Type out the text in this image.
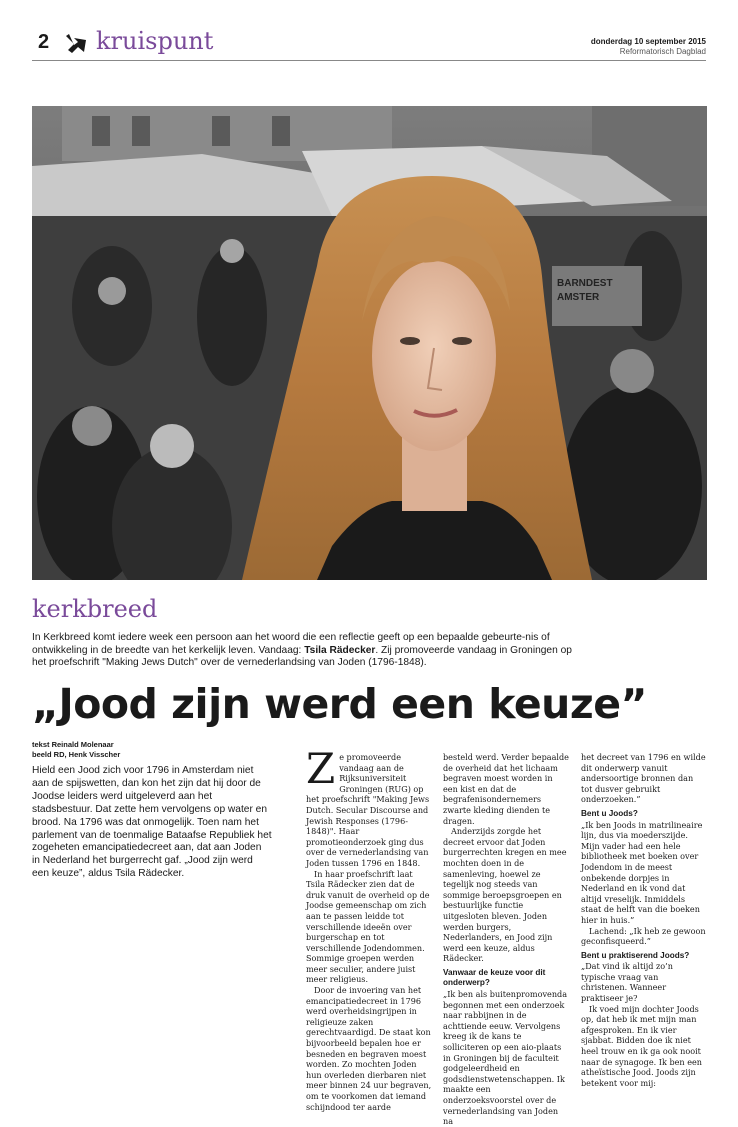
2 kruispunt	donderdag 10 september 2015
Reformatorisch Dagblad
BARNDEST
AMSTER
kerkbreed
In Kerkbreed komt iedere week een persoon aan het woord die een reflectie geeft op een bepaalde gebeurte-nis of ontwikkeling in de breedte van het kerkelijk leven. Vandaag: Tsila Rädecker. Zij promoveerde vandaag in Groningen op het proefschrift "Making Jews Dutch" over de vernederlandsing van Joden (1796-1848).
„Jood zijn werd een keuze”
tekst Reinald Molenaar
beeld RD, Henk Visscher
Hield een Jood zich voor 1796 in Amsterdam niet aan de spijswetten, dan kon het zijn dat hij door de Joodse leiders werd uitgeleverd aan het stadsbestuur. Dat zette hem vervolgens op water en brood. Na 1796 was dat onmogelijk. Toen nam het parlement van de toenmalige Bataafse Republiek het zogeheten emancipatiedecreet aan, dat aan Joden in Nederland het burgerrecht gaf. „Jood zijn werd een keuze”, aldus Tsila Rädecker.
Z e promoveerde vandaag aan de Rijksuniversiteit Groningen (RUG) op het proefschrift "Making Jews Dutch. Secular Discourse and Jewish Responses (1796-1848)". Haar promotieonderzoek ging dus over de vernederlandsing van Joden tussen 1796 en 1848.

In haar proefschrift laat Tsila Rädecker zien dat de druk vanuit de overheid op de Joodse gemeenschap om zich aan te passen leidde tot verschillende ideeën over burgerschap en tot verschillende Jodendommen. Sommige groepen werden meer seculier, andere juist meer religieus.

Door de invoering van het emancipatiedecreet in 1796 werd overheidsingrijpen in religieuze zaken gerechtvaardigd. De staat kon bijvoorbeeld bepalen hoe er besneden en begraven moest worden. Zo mochten Joden hun overleden dierbaren niet meer binnen 24 uur begraven, om te voorkomen dat iemand schijndood ter aarde

besteld werd. Verder bepaalde de overheid dat het lichaam begraven moest worden in een kist en dat de begrafenisondernemers zwarte kleding dienden te dragen.

Anderzijds zorgde het decreet ervoor dat Joden burgerrechten kregen en mee mochten doen in de samenleving, hoewel ze tegelijk nog steeds van sommige beroepsgroepen en bestuurlijke functie uitgesloten bleven. Joden werden burgers, Nederlanders, en Jood zijn werd een keuze, aldus Rädecker.

Vanwaar de keuze voor dit onderwerp?

„Ik ben als buitenpromovenda begonnen met een onderzoek naar rabbijnen in de achttiende eeuw. Vervolgens kreeg ik de kans te solliciteren op een aio-plaats in Groningen bij de faculteit godgeleerdheid en godsdienstwetenschappen. Ik maakte een onderzoeksvoorstel over de vernederlandsing van Joden na

het decreet van 1796 en wilde dit onderwerp vanuit andersoortige bronnen dan tot dusver gebruikt onderzoeken.”

Bent u Joods?

„Ik ben Joods in matrilineaire lijn, dus via moederszijde. Mijn vader had een hele bibliotheek met boeken over Jodendom in de meest onbekende dorpjes in Nederland en ik vond dat altijd vreselijk. Inmiddels staat de helft van die boeken hier in huis.”

Lachend: „Ik heb ze gewoon geconfisqueerd.”

Bent u praktiserend Joods?

„Dat vind ik altijd zo’n typische vraag van christenen. Wanneer praktiseer je?

Ik voed mijn dochter Joods op, dat heb ik met mijn man afgesproken. En ik vier sjabbat. Bidden doe ik niet heel trouw en ik ga ook nooit naar de synagoge. Ik ben een atheïstische Jood. Joods zijn betekent voor mij:
